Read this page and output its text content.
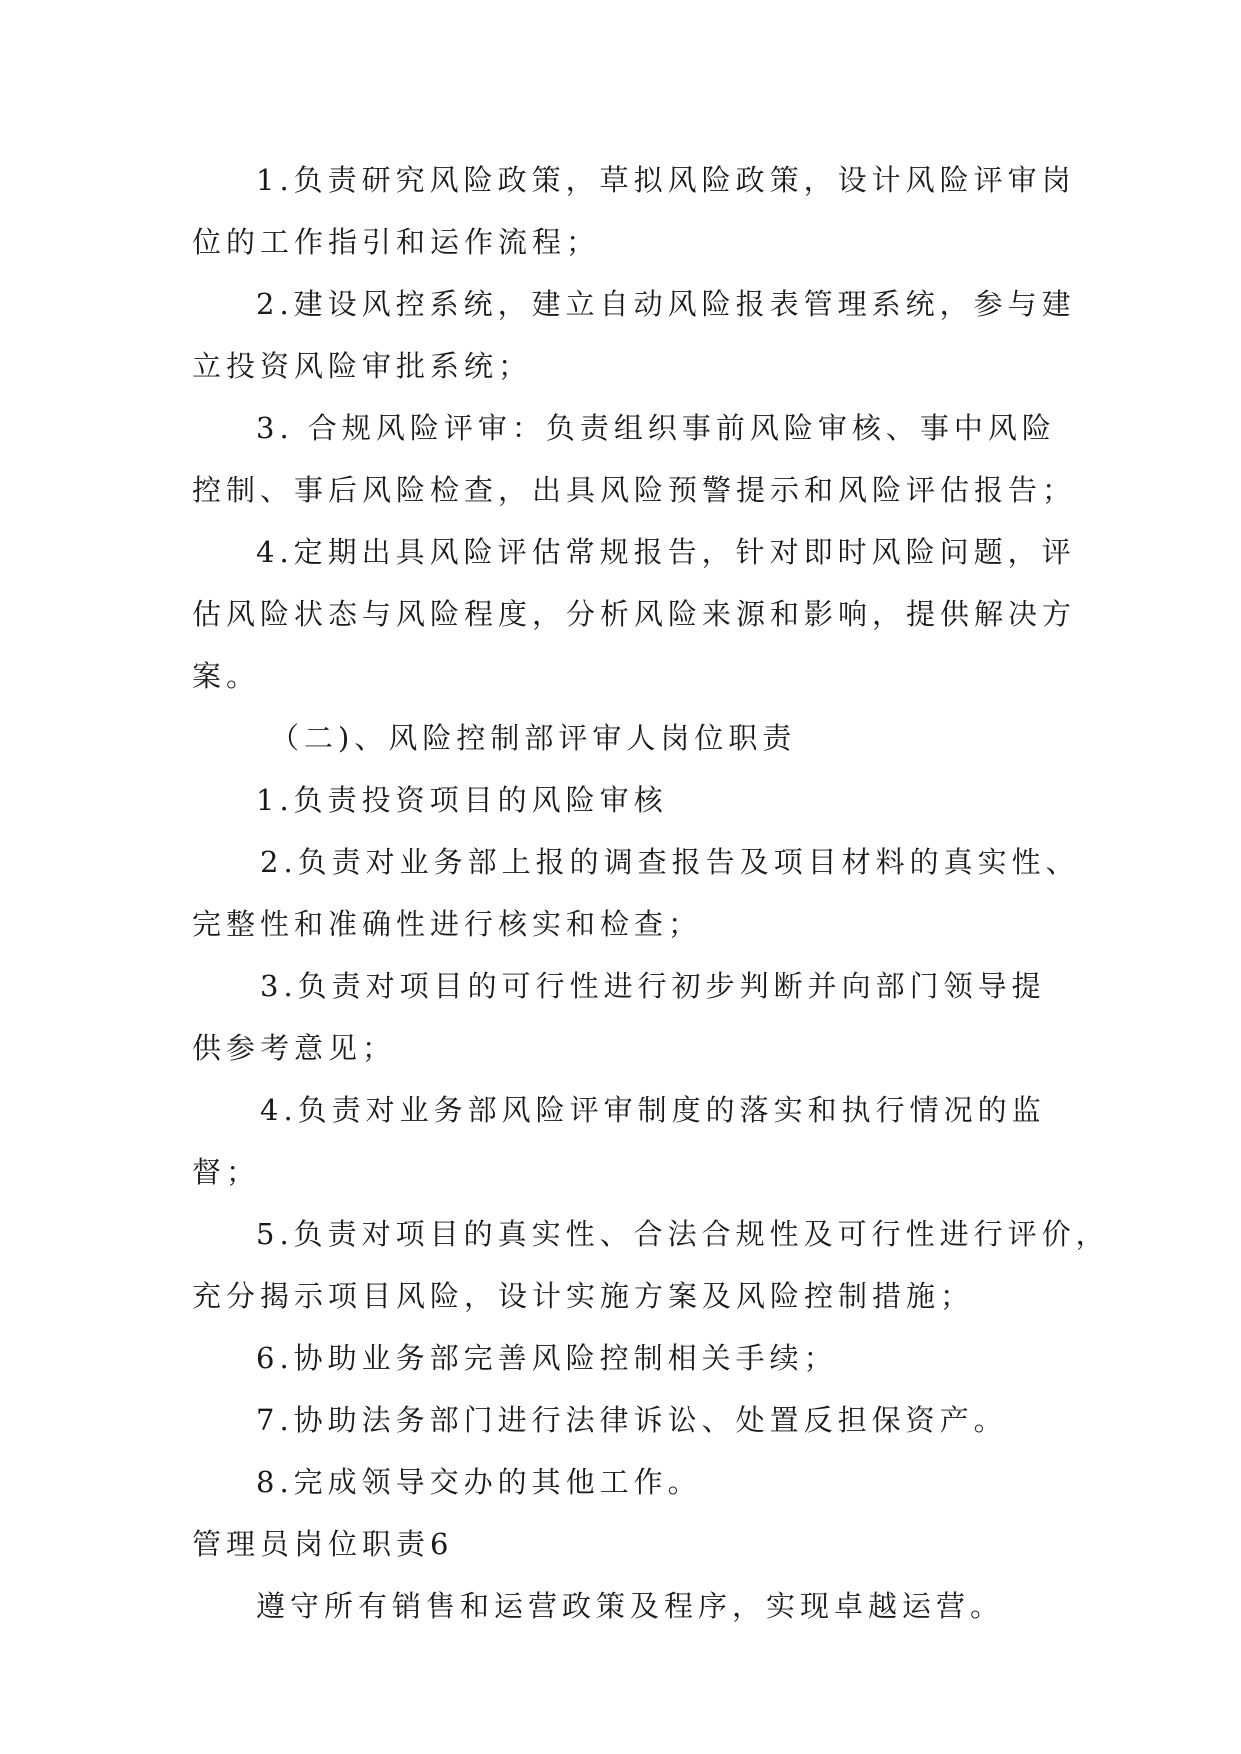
1.负责研究风险政策，草拟风险政策，设计风险评审岗
位的工作指引和运作流程；
2.建设风控系统，建立自动风险报表管理系统，参与建
立投资风险审批系统；
3. 合规风险评审：负责组织事前风险审核、事中风险
控制、事后风险检查，出具风险预警提示和风险评估报告；
4.定期出具风险评估常规报告，针对即时风险问题，评
估风险状态与风险程度，分析风险来源和影响，提供解决方
案。
（二)、风险控制部评审人岗位职责
1.负责投资项目的风险审核
2.负责对业务部上报的调查报告及项目材料的真实性、
完整性和准确性进行核实和检查；
3.负责对项目的可行性进行初步判断并向部门领导提
供参考意见；
4.负责对业务部风险评审制度的落实和执行情况的监
督；
5.负责对项目的真实性、合法合规性及可行性进行评价，
充分揭示项目风险，设计实施方案及风险控制措施；
6.协助业务部完善风险控制相关手续；
7.协助法务部门进行法律诉讼、处置反担保资产。
8.完成领导交办的其他工作。
管理员岗位职责6
遵守所有销售和运营政策及程序，实现卓越运营。
